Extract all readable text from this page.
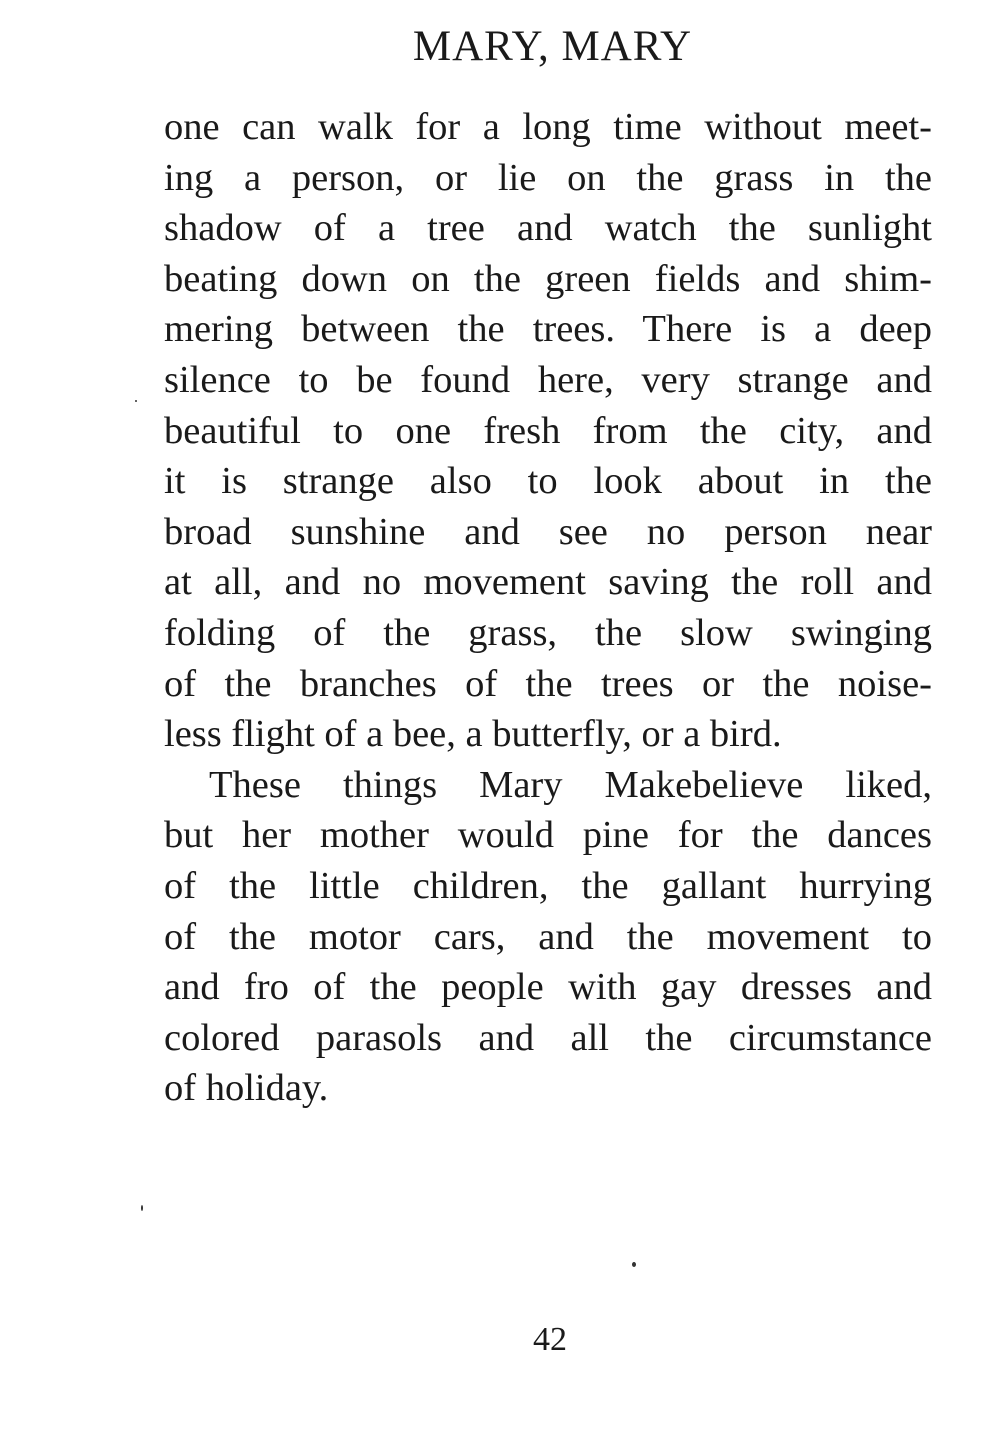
MARY, MARY
one can walk for a long time without meet-
ing a person, or lie on the grass in the
shadow of a tree and watch the sunlight
beating down on the green fields and shim-
mering between the trees. There is a deep
silence to be found here, very strange and
beautiful to one fresh from the city, and
it is strange also to look about in the
broad sunshine and see no person near
at all, and no movement saving the roll and
folding of the grass, the slow swinging
of the branches of the trees or the noise-
less flight of a bee, a butterfly, or a bird.
These things Mary Makebelieve liked,
but her mother would pine for the dances
of the little children, the gallant hurrying
of the motor cars, and the movement to
and fro of the people with gay dresses and
colored parasols and all the circumstance
of holiday.
42
